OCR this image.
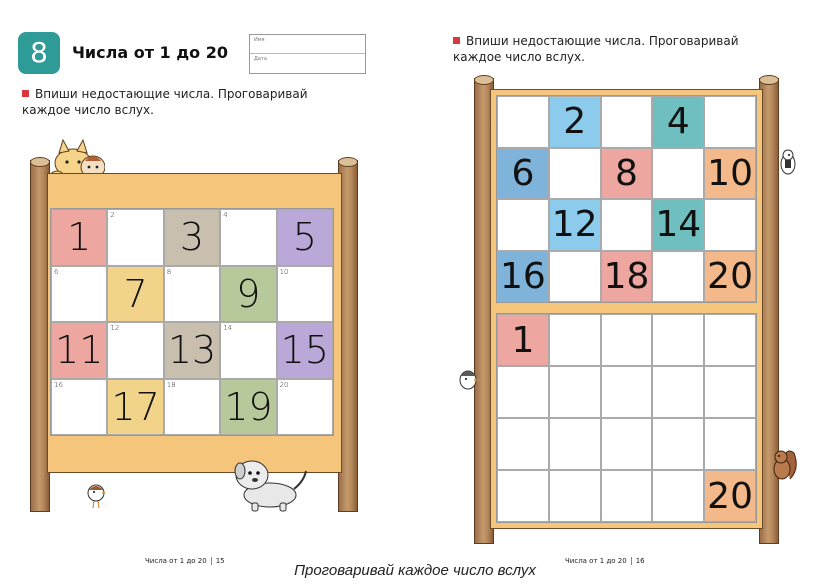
8	Числа от 1 до 20
Имя
Дата
Впиши недостающие числа. Проговаривай каждое число вслух.
Впиши недостающие числа. Проговаривай каждое число вслух.
1
2
3
4
5
6
7
8
9
10
11
12
13
14
15
16
17
18
19
20
2 4
6 8 10
12 14
16 18 20
1
20
Числа от 1 до 20 15	Числа от 1 до 20 16
Проговаривай каждое число вслух
